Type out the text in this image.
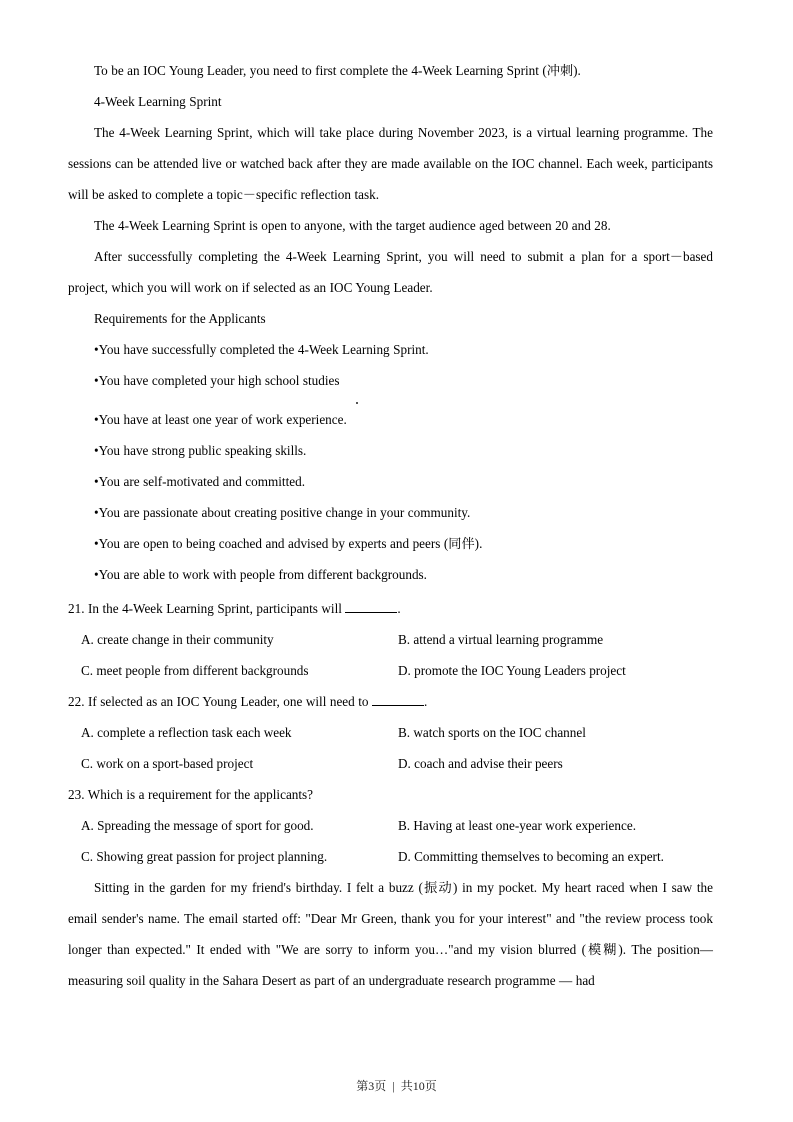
To be an IOC Young Leader, you need to first complete the 4-Week Learning Sprint (冲刺).

4-Week Learning Sprint

The 4-Week Learning Sprint, which will take place during November 2023, is a virtual learning programme. The sessions can be attended live or watched back after they are made available on the IOC channel. Each week, participants will be asked to complete a topic－specific reflection task.

The 4-Week Learning Sprint is open to anyone, with the target audience aged between 20 and 28.

After successfully completing the 4-Week Learning Sprint, you will need to submit a plan for a sport－based project, which you will work on if selected as an IOC Young Leader.

Requirements for the Applicants

•You have successfully completed the 4-Week Learning Sprint.

•You have completed your high school studies

•You have at least one year of work experience.

•You have strong public speaking skills.

•You are self-motivated and committed.

•You are passionate about creating positive change in your community.

•You are open to being coached and advised by experts and peers (同伴).

•You are able to work with people from different backgrounds.

21. In the 4-Week Learning Sprint, participants will	.

A. create change in their community	B. attend a virtual learning programme
C. meet people from different backgrounds	D. promote the IOC Young Leaders project

22. If selected as an IOC Young Leader, one will need to	.

A. complete a reflection task each week	B. watch sports on the IOC channel
C. work on a sport-based project	D. coach and advise their peers

23. Which is a requirement for the applicants?

A. Spreading the message of sport for good.	B. Having at least one-year work experience.
C. Showing great passion for project planning.	D. Committing themselves to becoming an expert.

Sitting in the garden for my friend's birthday. I felt a buzz (振动) in my pocket. My heart raced when I saw the email sender's name. The email started off: "Dear Mr Green, thank you for your interest" and "the review process took longer than expected." It ended with "We are sorry to inform you…"and my vision blurred (模糊). The position—measuring soil quality in the Sahara Desert as part of an undergraduate research programme — had

第3页 | 共10页
